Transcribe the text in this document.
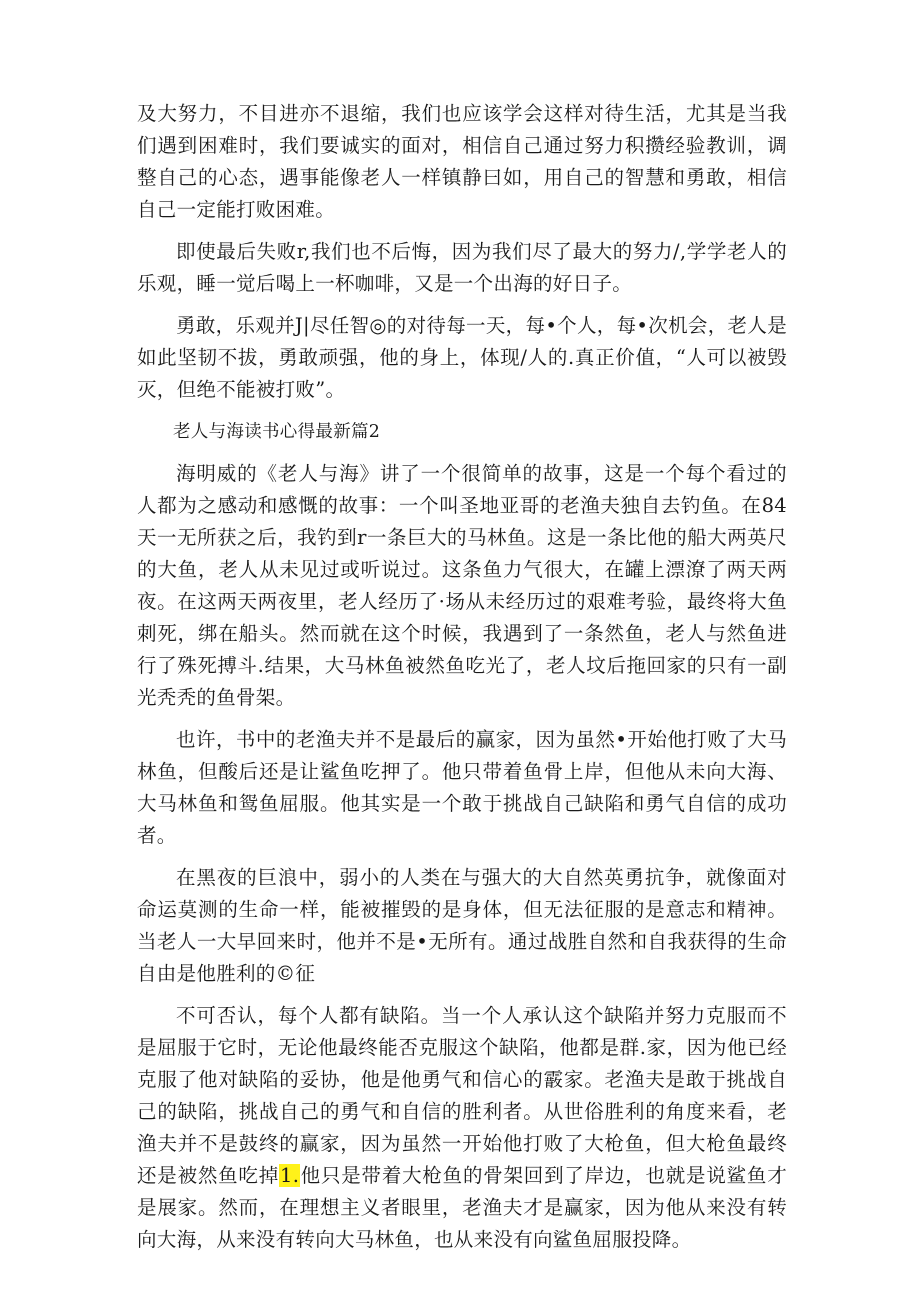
及大努力，不目进亦不退缩，我们也应该学会这样对待生活，尤其是当我们遇到困难时，我们要诚实的面对，相信自己通过努力积攒经验教训，调整自己的心态，遇事能像老人一样镇静曰如，用自己的智慧和勇敢，相信自己一定能打败困难。

即使最后失败r,我们也不后悔，因为我们尽了最大的努力/,学学老人的乐观，睡一觉后喝上一杯咖啡，又是一个出海的好日子。

勇敢，乐观并J|尽任智◎的对待每一天，每•个人，每•次机会，老人是如此坚韧不拔，勇敢顽强，他的身上，体现/人的.真正价值，“人可以被毁灭，但绝不能被打败”。

老人与海读书心得最新篇2

海明威的《老人与海》讲了一个很简单的故事，这是一个每个看过的人都为之感动和感慨的故事：一个叫圣地亚哥的老渔夫独自去钓鱼。在84天一无所获之后，我钓到r一条巨大的马林鱼。这是一条比他的船大两英尺的大鱼，老人从未见过或听说过。这条鱼力气很大，在罐上漂潦了两天两夜。在这两天两夜里，老人经历了·场从未经历过的艰难考验，最终将大鱼刺死，绑在船头。然而就在这个时候，我遇到了一条然鱼，老人与然鱼进行了殊死搏斗.结果，大马林鱼被然鱼吃光了，老人坟后拖回家的只有一副光秃秃的鱼骨架。

也许，书中的老渔夫并不是最后的赢家，因为虽然•开始他打败了大马林鱼，但酸后还是让鲨鱼吃押了。他只带着鱼骨上岸，但他从未向大海、大马林鱼和鸳鱼屈服。他其实是一个敢于挑战自己缺陷和勇气自信的成功者。

在黑夜的巨浪中，弱小的人类在与强大的大自然英勇抗争，就像面对命运莫测的生命一样，能被摧毁的是身体，但无法征服的是意志和精神。当老人一大早回来时，他并不是•无所有。通过战胜自然和自我获得的生命自由是他胜利的©征

不可否认，每个人都有缺陷。当一个人承认这个缺陷并努力克服而不是屈服于它时，无论他最终能否克服这个缺陷，他都是群.家，因为他已经克服了他对缺陷的妥协，他是他勇气和信心的霰家。老渔夫是敢于挑战自己的缺陷，挑战自己的勇气和自信的胜利者。从世俗胜利的角度来看，老渔夫并不是鼓终的赢家，因为虽然一开始他打败了大枪鱼，但大枪鱼最终还是被然鱼吃掉1.他只是带着大枪鱼的骨架回到了岸边，也就是说鲨鱼才是展家。然而，在理想主义者眼里，老渔夫才是赢家，因为他从来没有转向大海，从来没有转向大马林鱼，也从来没有向鲨鱼屈服投降。
